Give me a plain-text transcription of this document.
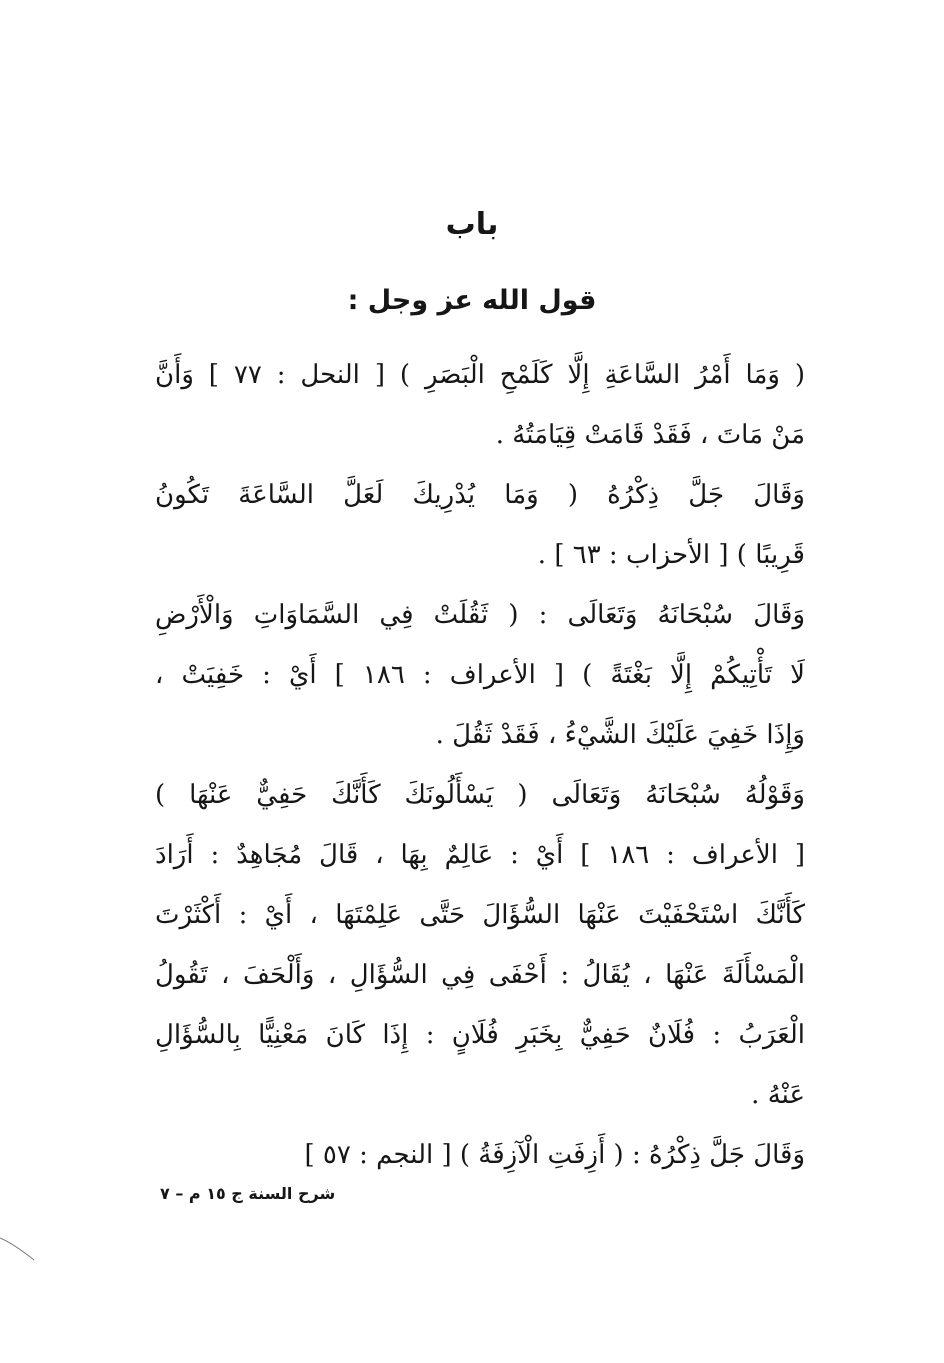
باب
قول الله عز وجل :
( وَمَا أَمْرُ السَّاعَةِ إِلَّا كَلَمْحِ الْبَصَرِ ) [ النحل : ٧٧ ] وَأَنَّ
مَنْ مَاتَ ، فَقَدْ قَامَتْ قِيَامَتُهُ .
وَقَالَ جَلَّ ذِكْرُهُ ( وَمَا يُدْرِيكَ لَعَلَّ السَّاعَةَ تَكُونُ
قَرِيبًا ) [ الأحزاب : ٦٣ ] .
وَقَالَ سُبْحَانَهُ وَتَعَالَى : ( ثَقُلَتْ فِي السَّمَاوَاتِ وَالْأَرْضِ
لَا تَأْتِيكُمْ إِلَّا بَغْتَةً ) [ الأعراف : ١٨٦ ] أَيْ : خَفِيَتْ ،
وَإِذَا خَفِيَ عَلَيْكَ الشَّيْءُ ، فَقَدْ ثَقُلَ .
وَقَوْلُهُ سُبْحَانَهُ وَتَعَالَى ( يَسْأَلُونَكَ كَأَنَّكَ حَفِيٌّ عَنْهَا )
[ الأعراف : ١٨٦ ] أَيْ : عَالِمٌ بِهَا ، قَالَ مُجَاهِدٌ : أَرَادَ
كَأَنَّكَ اسْتَحْفَيْتَ عَنْهَا السُّؤَالَ حَتَّى عَلِمْتَهَا ، أَيْ : أَكْثَرْتَ
الْمَسْأَلَةَ عَنْهَا ، يُقَالُ : أَحْفَى فِي السُّؤَالِ ، وَأَلْحَفَ ، تَقُولُ
الْعَرَبُ : فُلَانٌ حَفِيٌّ بِخَبَرِ فُلَانٍ : إِذَا كَانَ مَعْنِيًّا بِالسُّؤَالِ
عَنْهُ .
وَقَالَ جَلَّ ذِكْرُهُ : ( أَزِفَتِ الْآزِفَةُ ) [ النجم : ٥٧ ]
شرح السنة ج ١٥ م – ٧
